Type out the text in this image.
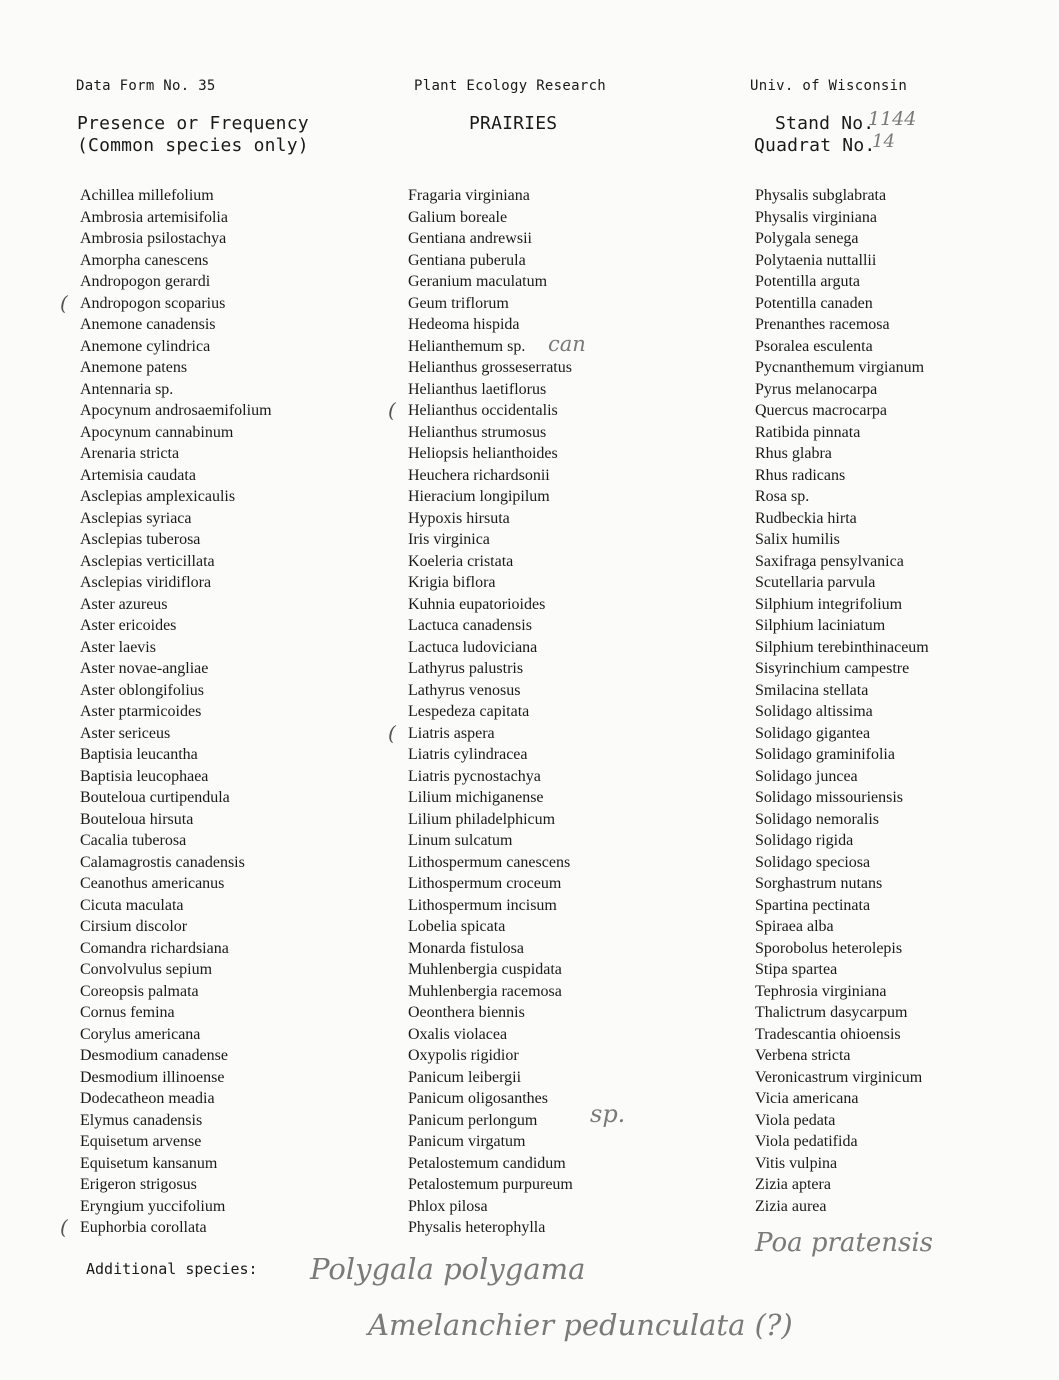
Data Form No. 35	Plant Ecology Research	Univ. of Wisconsin
Presence or Frequency
(Common species only)
PRAIRIES	Stand No.
1144
Quadrat No.
14
Achillea millefolium
Ambrosia artemisifolia
Ambrosia psilostachya
Amorpha canescens
Andropogon gerardi
Andropogon scoparius
(
Anemone canadensis
Anemone cylindrica
Anemone patens
Antennaria sp.
Apocynum androsaemifolium
Apocynum cannabinum
Arenaria stricta
Artemisia caudata
Asclepias amplexicaulis
Asclepias syriaca
Asclepias tuberosa
Asclepias verticillata
Asclepias viridiflora
Aster azureus
Aster ericoides
Aster laevis
Aster novae-angliae
Aster oblongifolius
Aster ptarmicoides
Aster sericeus
Baptisia leucantha
Baptisia leucophaea
Bouteloua curtipendula
Bouteloua hirsuta
Cacalia tuberosa
Calamagrostis canadensis
Ceanothus americanus
Cicuta maculata
Cirsium discolor
Comandra richardsiana
Convolvulus sepium
Coreopsis palmata
Cornus femina
Corylus americana
Desmodium canadense
Desmodium illinoense
Dodecatheon meadia
Elymus canadensis
Equisetum arvense
Equisetum kansanum
Erigeron strigosus
Eryngium yuccifolium
Euphorbia corollata
(
Fragaria virginiana
Galium boreale
Gentiana andrewsii
Gentiana puberula
Geranium maculatum
Geum triflorum
Hedeoma hispida
Helianthemum sp.
Helianthus grosseserratus
Helianthus laetiflorus
Helianthus occidentalis
(
Helianthus strumosus
Heliopsis helianthoides
Heuchera richardsonii
Hieracium longipilum
Hypoxis hirsuta
Iris virginica
Koeleria cristata
Krigia biflora
Kuhnia eupatorioides
Lactuca canadensis
Lactuca ludoviciana
Lathyrus palustris
Lathyrus venosus
Lespedeza capitata
Liatris aspera
(
Liatris cylindracea
Liatris pycnostachya
Lilium michiganense
Lilium philadelphicum
Linum sulcatum
Lithospermum canescens
Lithospermum croceum
Lithospermum incisum
Lobelia spicata
Monarda fistulosa
Muhlenbergia cuspidata
Muhlenbergia racemosa
Oeonthera biennis
Oxalis violacea
Oxypolis rigidior
Panicum leibergii
Panicum oligosanthes
Panicum perlongum
Panicum virgatum
Petalostemum candidum
Petalostemum purpureum
Phlox pilosa
Physalis heterophylla
Physalis subglabrata
Physalis virginiana
Polygala senega
Polytaenia nuttallii
Potentilla arguta
Potentilla canaden
Prenanthes racemosa
Psoralea esculenta
Pycnanthemum virgianum
Pyrus melanocarpa
Quercus macrocarpa
Ratibida pinnata
Rhus glabra
Rhus radicans
Rosa sp.
Rudbeckia hirta
Salix humilis
Saxifraga pensylvanica
Scutellaria parvula
Silphium integrifolium
Silphium laciniatum
Silphium terebinthinaceum
Sisyrinchium campestre
Smilacina stellata
Solidago altissima
Solidago gigantea
Solidago graminifolia
Solidago juncea
Solidago missouriensis
Solidago nemoralis
Solidago rigida
Solidago speciosa
Sorghastrum nutans
Spartina pectinata
Spiraea alba
Sporobolus heterolepis
Stipa spartea
Tephrosia virginiana
Thalictrum dasycarpum
Tradescantia ohioensis
Verbena stricta
Veronicastrum virginicum
Vicia americana
Viola pedata
Viola pedatifida
Vitis vulpina
Zizia aptera
Zizia aurea
can
sp.
Additional species: Polygala polygama
Amelanchier pedunculata (?)
Poa pratensis
